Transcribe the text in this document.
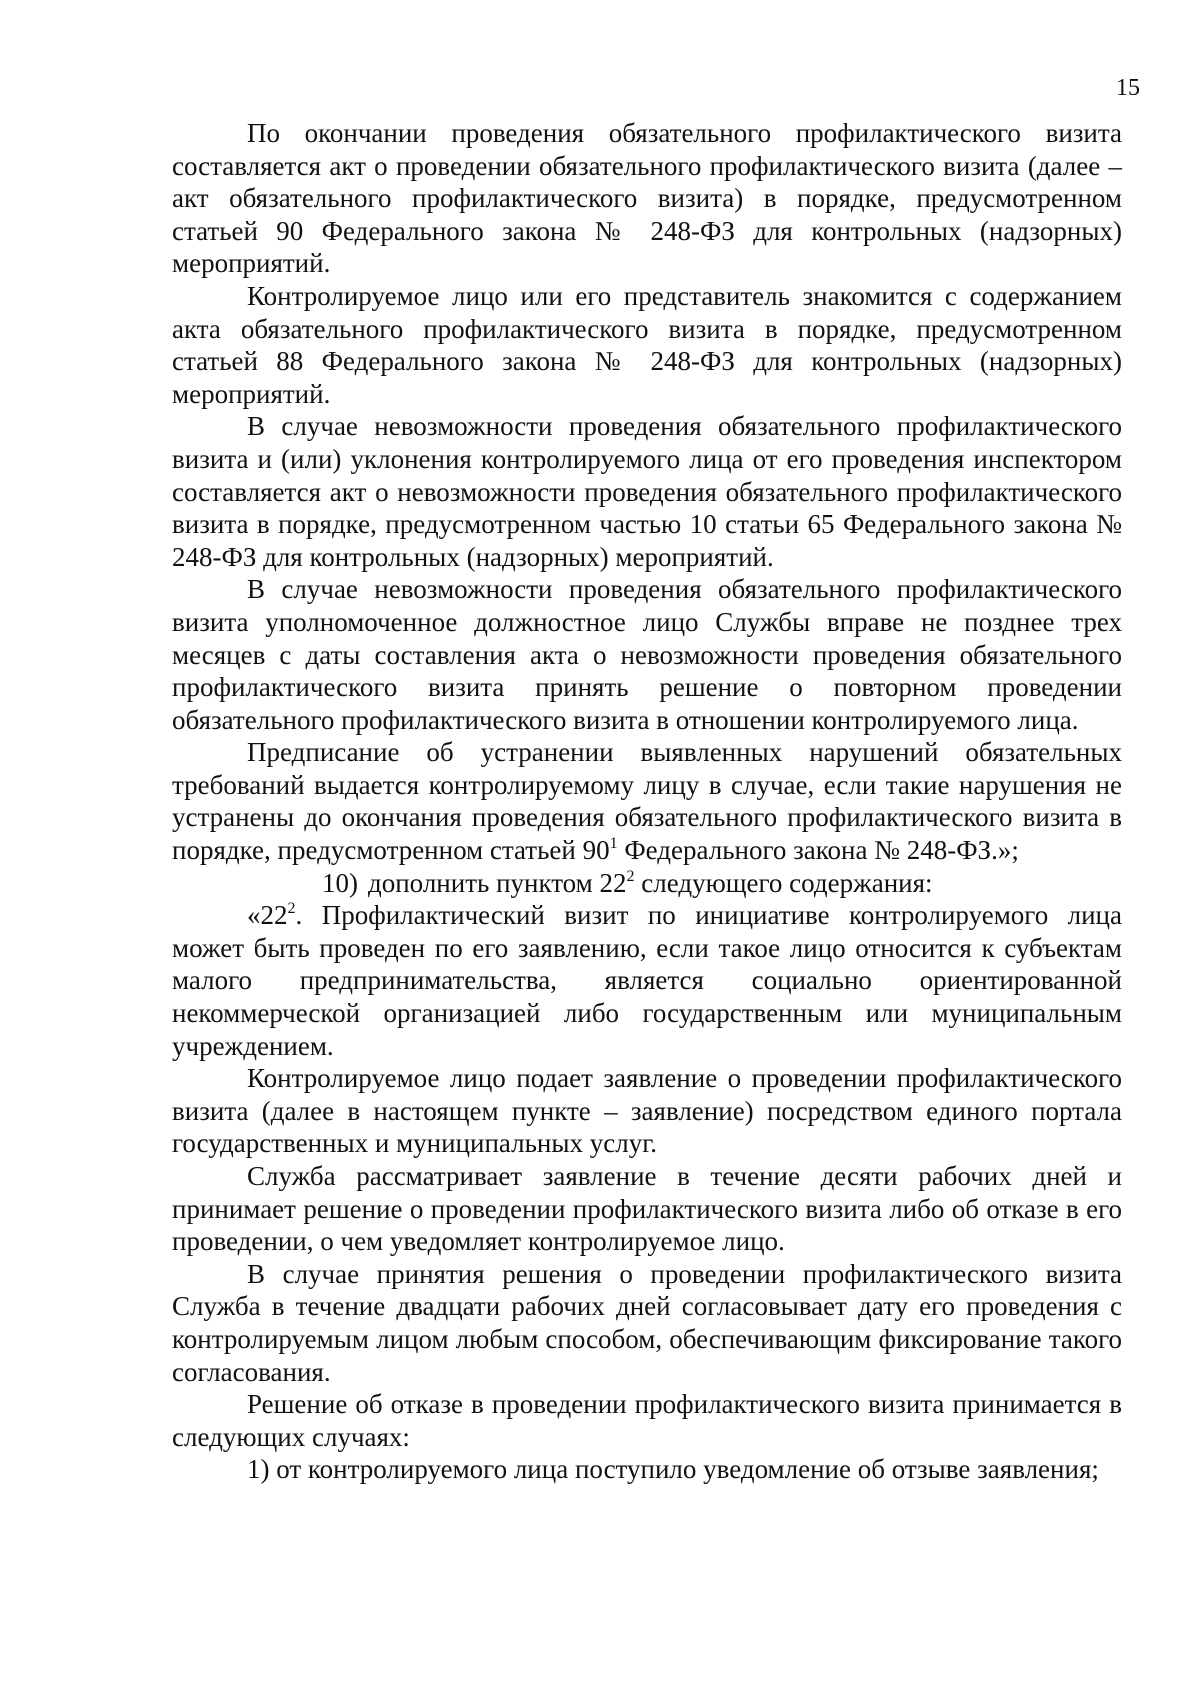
15

По окончании проведения обязательного профилактического визита составляется акт о проведении обязательного профилактического визита (далее – акт обязательного профилактического визита) в порядке, предусмотренном статьей 90 Федерального закона № 248-ФЗ для контрольных (надзорных) мероприятий.

Контролируемое лицо или его представитель знакомится с содержанием акта обязательного профилактического визита в порядке, предусмотренном статьей 88 Федерального закона № 248-ФЗ для контрольных (надзорных) мероприятий.

В случае невозможности проведения обязательного профилактического визита и (или) уклонения контролируемого лица от его проведения инспектором составляется акт о невозможности проведения обязательного профилактического визита в порядке, предусмотренном частью 10 статьи 65 Федерального закона № 248-ФЗ для контрольных (надзорных) мероприятий.

В случае невозможности проведения обязательного профилактического визита уполномоченное должностное лицо Службы вправе не позднее трех месяцев с даты составления акта о невозможности проведения обязательного профилактического визита принять решение о повторном проведении обязательного профилактического визита в отношении контролируемого лица.

Предписание об устранении выявленных нарушений обязательных требований выдается контролируемому лицу в случае, если такие нарушения не устранены до окончания проведения обязательного профилактического визита в порядке, предусмотренном статьей $90^1$ Федерального закона № 248-ФЗ.»;

10) дополнить пунктом $22^2$ следующего содержания:

«$22^2$. Профилактический визит по инициативе контролируемого лица может быть проведен по его заявлению, если такое лицо относится к субъектам малого предпринимательства, является социально ориентированной некоммерческой организацией либо государственным или муниципальным учреждением.

Контролируемое лицо подает заявление о проведении профилактического визита (далее в настоящем пункте – заявление) посредством единого портала государственных и муниципальных услуг.

Служба рассматривает заявление в течение десяти рабочих дней и принимает решение о проведении профилактического визита либо об отказе в его проведении, о чем уведомляет контролируемое лицо.

В случае принятия решения о проведении профилактического визита Служба в течение двадцати рабочих дней согласовывает дату его проведения с контролируемым лицом любым способом, обеспечивающим фиксирование такого согласования.

Решение об отказе в проведении профилактического визита принимается в следующих случаях:

1) от контролируемого лица поступило уведомление об отзыве заявления;
